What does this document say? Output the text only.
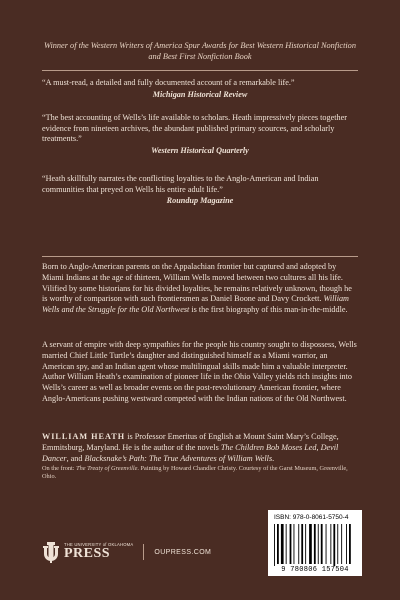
Winner of the Western Writers of America Spur Awards for Best Western Historical Nonfiction and Best First Nonfiction Book
“A must-read, a detailed and fully documented account of a remarkable life.”
Michigan Historical Review
“The best accounting of Wells’s life available to scholars. Heath impressively pieces together evidence from nineteen archives, the abundant published primary scources, and scholarly treatments.”
Western Historical Quarterly
“Heath skillfully narrates the conflicting loyalties to the Anglo-American and Indian communities that preyed on Wells his entire adult life.”
Roundup Magazine
Born to Anglo-American parents on the Appalachian frontier but captured and adopted by Miami Indians at the age of thirteen, William Wells moved between two cultures all his life. Vilified by some historians for his divided loyalties, he remains relatively unknown, though he is worthy of comparison with such frontiersmen as Daniel Boone and Davy Crockett. William Wells and the Struggle for the Old Northwest is the first biography of this man-in-the-middle.
A servant of empire with deep sympathies for the people his country sought to dispossess, Wells married Chief Little Turtle’s daughter and distinguished himself as a Miami warrior, an American spy, and an Indian agent whose multilingual skills made him a valuable interpreter. Author William Heath’s examination of pioneer life in the Ohio Valley yields rich insights into Wells’s career as well as broader events on the post-revolutionary American frontier, where Anglo-Americans pushing westward competed with the Indian nations of the Old Northwest.
WILLIAM HEATH is Professor Emeritus of English at Mount Saint Mary’s College, Emmitsburg, Maryland. He is the author of the novels The Children Bob Moses Led, Devil Dancer, and Blacksnake’s Path: The True Adventures of William Wells.
On the front: The Treaty of Greenville. Painting by Howard Chandler Christy. Courtesy of the Garst Museum, Greenville, Ohio.
THE UNIVERSITY of OKLAHOMA
PRESS	OUPRESS.COM
ISBN: 978-0-8061-5750-4
9 780806 157504
